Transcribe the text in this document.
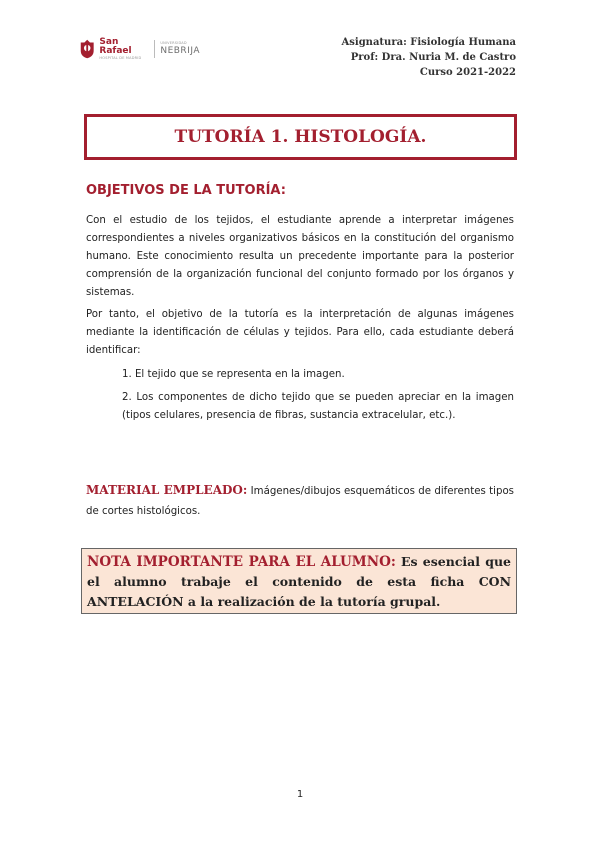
San Rafael
HOSPITAL DE MADRID
UNIVERSIDAD
NEBRIJA
Asignatura: Fisiología Humana
Prof: Dra. Nuria M. de Castro
Curso 2021-2022
TUTORÍA 1. HISTOLOGÍA.
OBJETIVOS DE LA TUTORÍA:
Con el estudio de los tejidos, el estudiante aprende a interpretar imágenes correspondientes a niveles organizativos básicos en la constitución del organismo humano. Este conocimiento resulta un precedente importante para la posterior comprensión de la organización funcional del conjunto formado por los órganos y sistemas.
Por tanto, el objetivo de la tutoría es la interpretación de algunas imágenes mediante la identificación de células y tejidos. Para ello, cada estudiante deberá identificar:
1. El tejido que se representa en la imagen.
2. Los componentes de dicho tejido que se pueden apreciar en la imagen (tipos celulares, presencia de fibras, sustancia extracelular, etc.).
MATERIAL EMPLEADO: Imágenes/dibujos esquemáticos de diferentes tipos de cortes histológicos.
NOTA IMPORTANTE PARA EL ALUMNO: Es esencial que el alumno trabaje el contenido de esta ficha CON ANTELACIÓN a la realización de la tutoría grupal.
1
